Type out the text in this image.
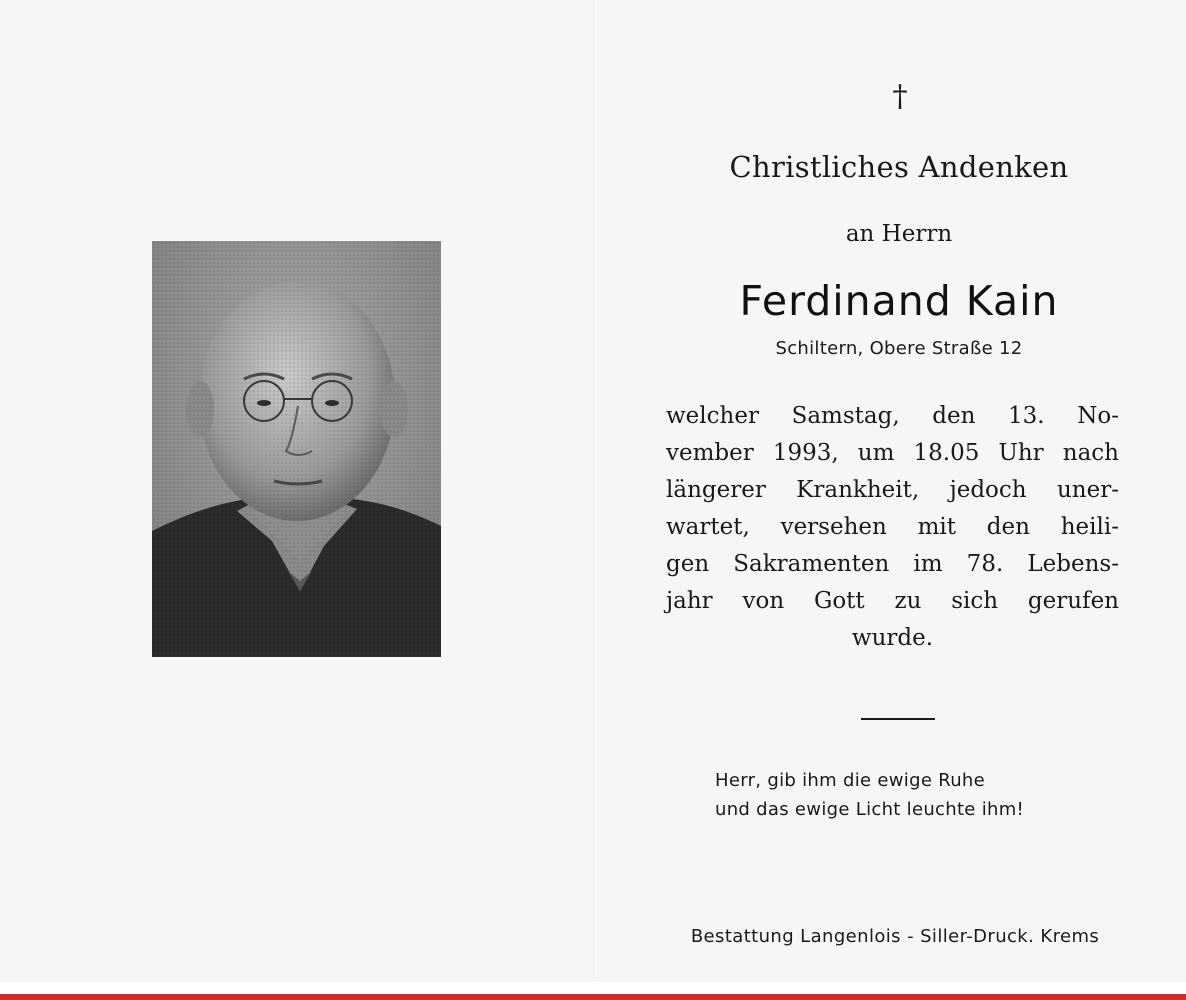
†
Christliches Andenken
an Herrn
Ferdinand Kain
Schiltern, Obere Straße 12
welcher Samstag, den 13. No-
vember 1993, um 18.05 Uhr nach
längerer Krankheit, jedoch uner-
wartet, versehen mit den heili-
gen Sakramenten im 78. Lebens-
jahr von Gott zu sich gerufen
wurde.
Herr, gib ihm die ewige Ruhe
und das ewige Licht leuchte ihm!
Bestattung Langenlois - Siller-Druck. Krems
